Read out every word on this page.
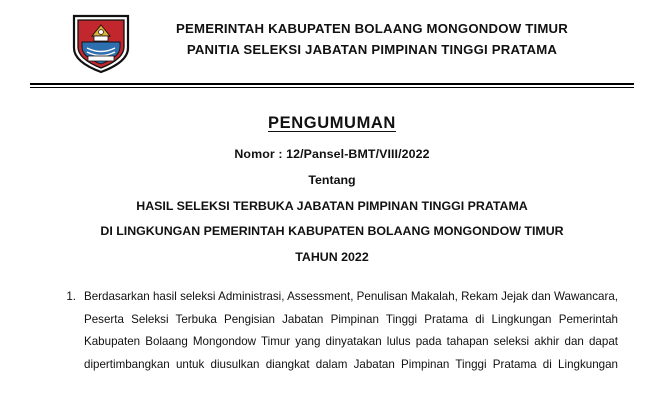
PEMERINTAH KABUPATEN BOLAANG MONGONDOW TIMUR
PANITIA SELEKSI JABATAN PIMPINAN TINGGI PRATAMA
PENGUMUMAN
Nomor : 12/Pansel-BMT/VIII/2022
Tentang
HASIL SELEKSI TERBUKA JABATAN PIMPINAN TINGGI PRATAMA
DI LINGKUNGAN PEMERINTAH KABUPATEN BOLAANG MONGONDOW TIMUR
TAHUN 2022
1. Berdasarkan hasil seleksi Administrasi, Assessment, Penulisan Makalah, Rekam Jejak dan Wawancara, Peserta Seleksi Terbuka Pengisian Jabatan Pimpinan Tinggi Pratama di Lingkungan Pemerintah Kabupaten Bolaang Mongondow Timur yang dinyatakan lulus pada tahapan seleksi akhir dan dapat dipertimbangkan untuk diusulkan diangkat dalam Jabatan Pimpinan Tinggi Pratama di Lingkungan
